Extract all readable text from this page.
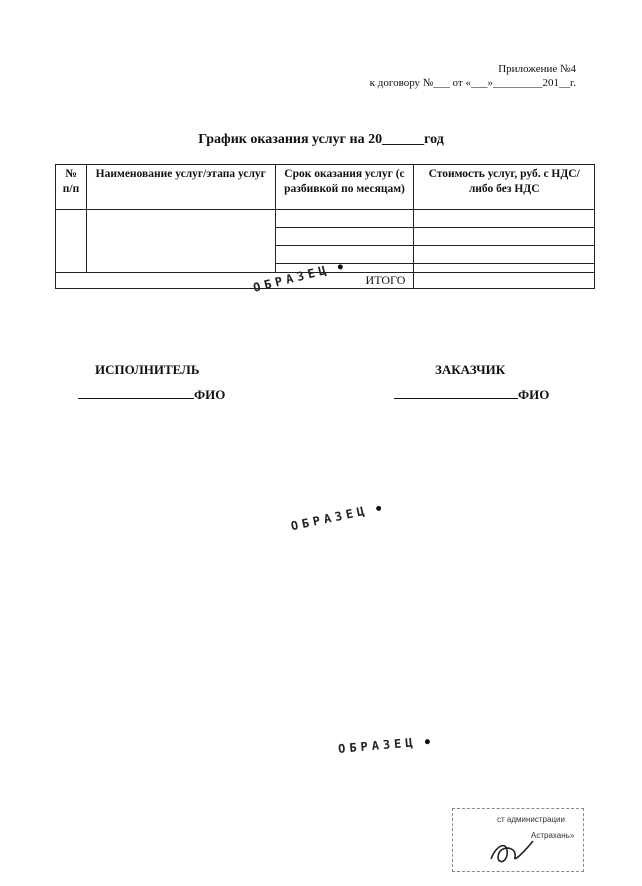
Приложение №4
к договору №___ от «___»_________201__г.
График оказания услуг на 20______год
№ п/п	Наименование услуг/этапа услуг	Срок оказания услуг (с разбивкой по месяцам)	Стоимость услуг, руб. с НДС/либо без НДС

ИТОГО			
ИСПОЛНИТЕЛЬ
ФИО
ЗАКАЗЧИК
ФИО
ОБРАЗЕЦ
ОБРАЗЕЦ
ОБРАЗЕЦ
ст администрации
Астрахань»
